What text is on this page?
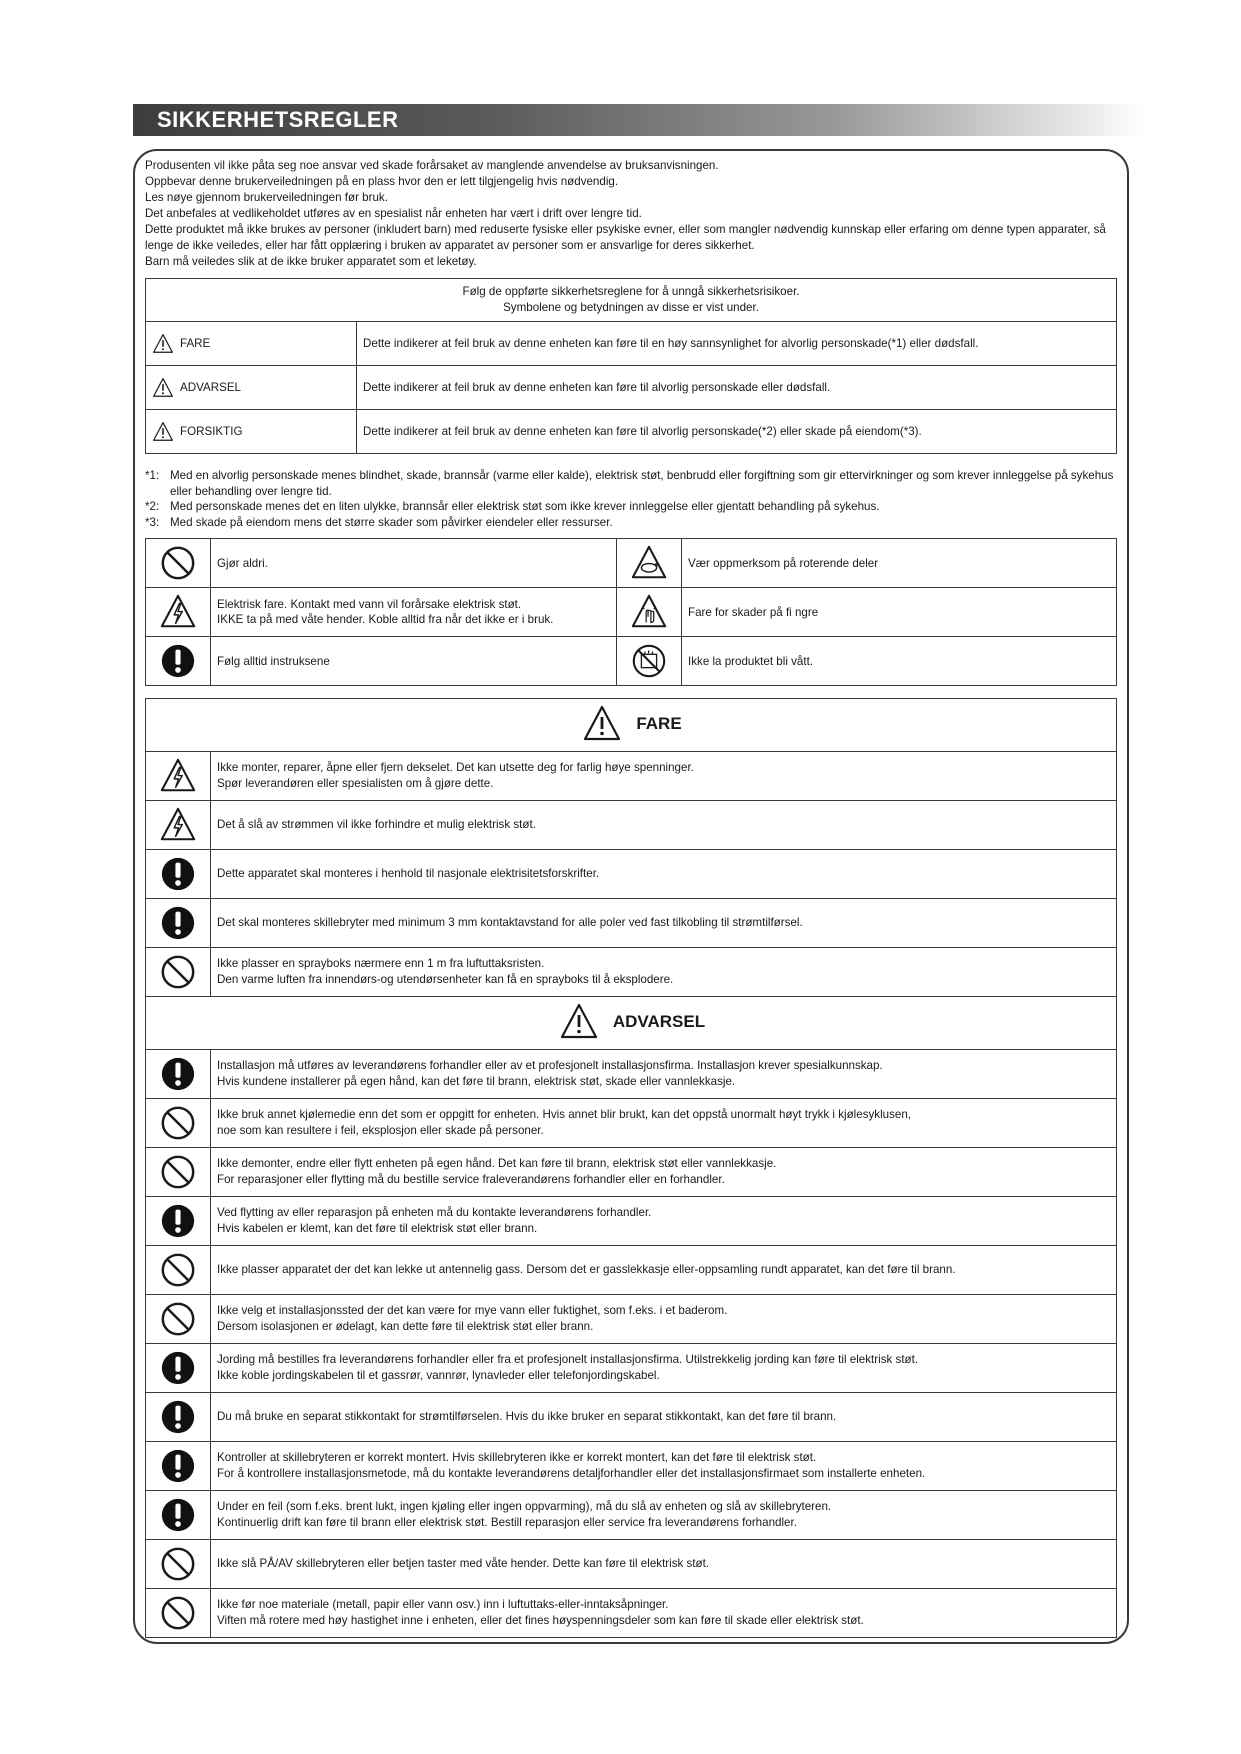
SIKKERHETSREGLER

Produsenten vil ikke påta seg noe ansvar ved skade forårsaket av manglende anvendelse av bruksanvisningen.

Oppbevar denne brukerveiledningen på en plass hvor den er lett tilgjengelig hvis nødvendig.

Les nøye gjennom brukerveiledningen før bruk.

Det anbefales at vedlikeholdet utføres av en spesialist når enheten har vært i drift over lengre tid.

Dette produktet må ikke brukes av personer (inkludert barn) med reduserte fysiske eller psykiske evner, eller som mangler nødvendig kunnskap eller erfaring om denne typen apparater, så lenge de ikke veiledes, eller har fått opplæring i bruken av apparatet av personer som er ansvarlige for deres sikkerhet.

Barn må veiledes slik at de ikke bruker apparatet som et leketøy.

Følg de oppførte sikkerhetsreglene for å unngå sikkerhetsrisikoer.
Symbolene og betydningen av disse er vist under.	

FARE	Dette indikerer at feil bruk av denne enheten kan føre til en høy sannsynlighet for alvorlig personskade(*1) eller dødsfall.

ADVARSEL	Dette indikerer at feil bruk av denne enheten kan føre til alvorlig personskade eller dødsfall.

FORSIKTIG	Dette indikerer at feil bruk av denne enheten kan føre til alvorlig personskade(*2) eller skade på eiendom(*3).
*1: Med en alvorlig personskade menes blindhet, skade, brannsår (varme eller kalde), elektrisk støt, benbrudd eller forgiftning som gir ettervirkninger og som krever innleggelse på sykehus eller behandling over lengre tid.
*2: Med personskade menes det en liten ulykke, brannsår eller elektrisk støt som ikke krever innleggelse eller gjentatt behandling på sykehus.
*3: Med skade på eiendom mens det større skader som påvirker eiendeler eller ressurser.

Gjør aldri.		Vær oppmerksom på roterende deler

Elektrisk fare. Kontakt med vann vil forårsake elektrisk støt.
IKKE ta på med våte hender. Koble alltid fra når det ikke er i bruk.		Fare for skader på fi ngre

Følg alltid instruksene		Ikke la produktet bli vått.
FARE	

Ikke monter, reparer, åpne eller fjern dekselet. Det kan utsette deg for farlig høye spenninger.
Spør leverandøren eller spesialisten om å gjøre dette.

Det å slå av strømmen vil ikke forhindre et mulig elektrisk støt.

Dette apparatet skal monteres i henhold til nasjonale elektrisitetsforskrifter.

Det skal monteres skillebryter med minimum 3 mm kontaktavstand for alle poler ved fast tilkobling til strømtilførsel.

Ikke plasser en sprayboks nærmere enn 1 m fra luftuttaksristen.
Den varme luften fra innendørs-og utendørsenheter kan få en sprayboks til å eksplodere.

ADVARSEL	

Installasjon må utføres av leverandørens forhandler eller av et profesjonelt installasjonsfirma. Installasjon krever spesialkunnskap.
Hvis kundene installerer på egen hånd, kan det føre til brann, elektrisk støt, skade eller vannlekkasje.

Ikke bruk annet kjølemedie enn det som er oppgitt for enheten. Hvis annet blir brukt, kan det oppstå unormalt høyt trykk i kjølesyklusen,
noe som kan resultere i feil, eksplosjon eller skade på personer.

Ikke demonter, endre eller flytt enheten på egen hånd. Det kan føre til brann, elektrisk støt eller vannlekkasje.
For reparasjoner eller flytting må du bestille service fraleverandørens forhandler eller en forhandler.

Ved flytting av eller reparasjon på enheten må du kontakte leverandørens forhandler.
Hvis kabelen er klemt, kan det føre til elektrisk støt eller brann.

Ikke plasser apparatet der det kan lekke ut antennelig gass. Dersom det er gasslekkasje eller-oppsamling rundt apparatet, kan det føre til brann.

Ikke velg et installasjonssted der det kan være for mye vann eller fuktighet, som f.eks. i et baderom.
Dersom isolasjonen er ødelagt, kan dette føre til elektrisk støt eller brann.

Jording må bestilles fra leverandørens forhandler eller fra et profesjonelt installasjonsfirma. Utilstrekkelig jording kan føre til elektrisk støt.
Ikke koble jordingskabelen til et gassrør, vannrør, lynavleder eller telefonjordingskabel.

Du må bruke en separat stikkontakt for strømtilførselen. Hvis du ikke bruker en separat stikkontakt, kan det føre til brann.

Kontroller at skillebryteren er korrekt montert. Hvis skillebryteren ikke er korrekt montert, kan det føre til elektrisk støt.
For å kontrollere installasjonsmetode, må du kontakte leverandørens detaljforhandler eller det installasjonsfirmaet som installerte enheten.

Under en feil (som f.eks. brent lukt, ingen kjøling eller ingen oppvarming), må du slå av enheten og slå av skillebryteren.
Kontinuerlig drift kan føre til brann eller elektrisk støt. Bestill reparasjon eller service fra leverandørens forhandler.

Ikke slå PÅ/AV skillebryteren eller betjen taster med våte hender. Dette kan føre til elektrisk støt.

Ikke før noe materiale (metall, papir eller vann osv.) inn i luftuttaks-eller-inntaksåpninger.
Viften må rotere med høy hastighet inne i enheten, eller det fines høyspenningsdeler som kan føre til skade eller elektrisk støt.
